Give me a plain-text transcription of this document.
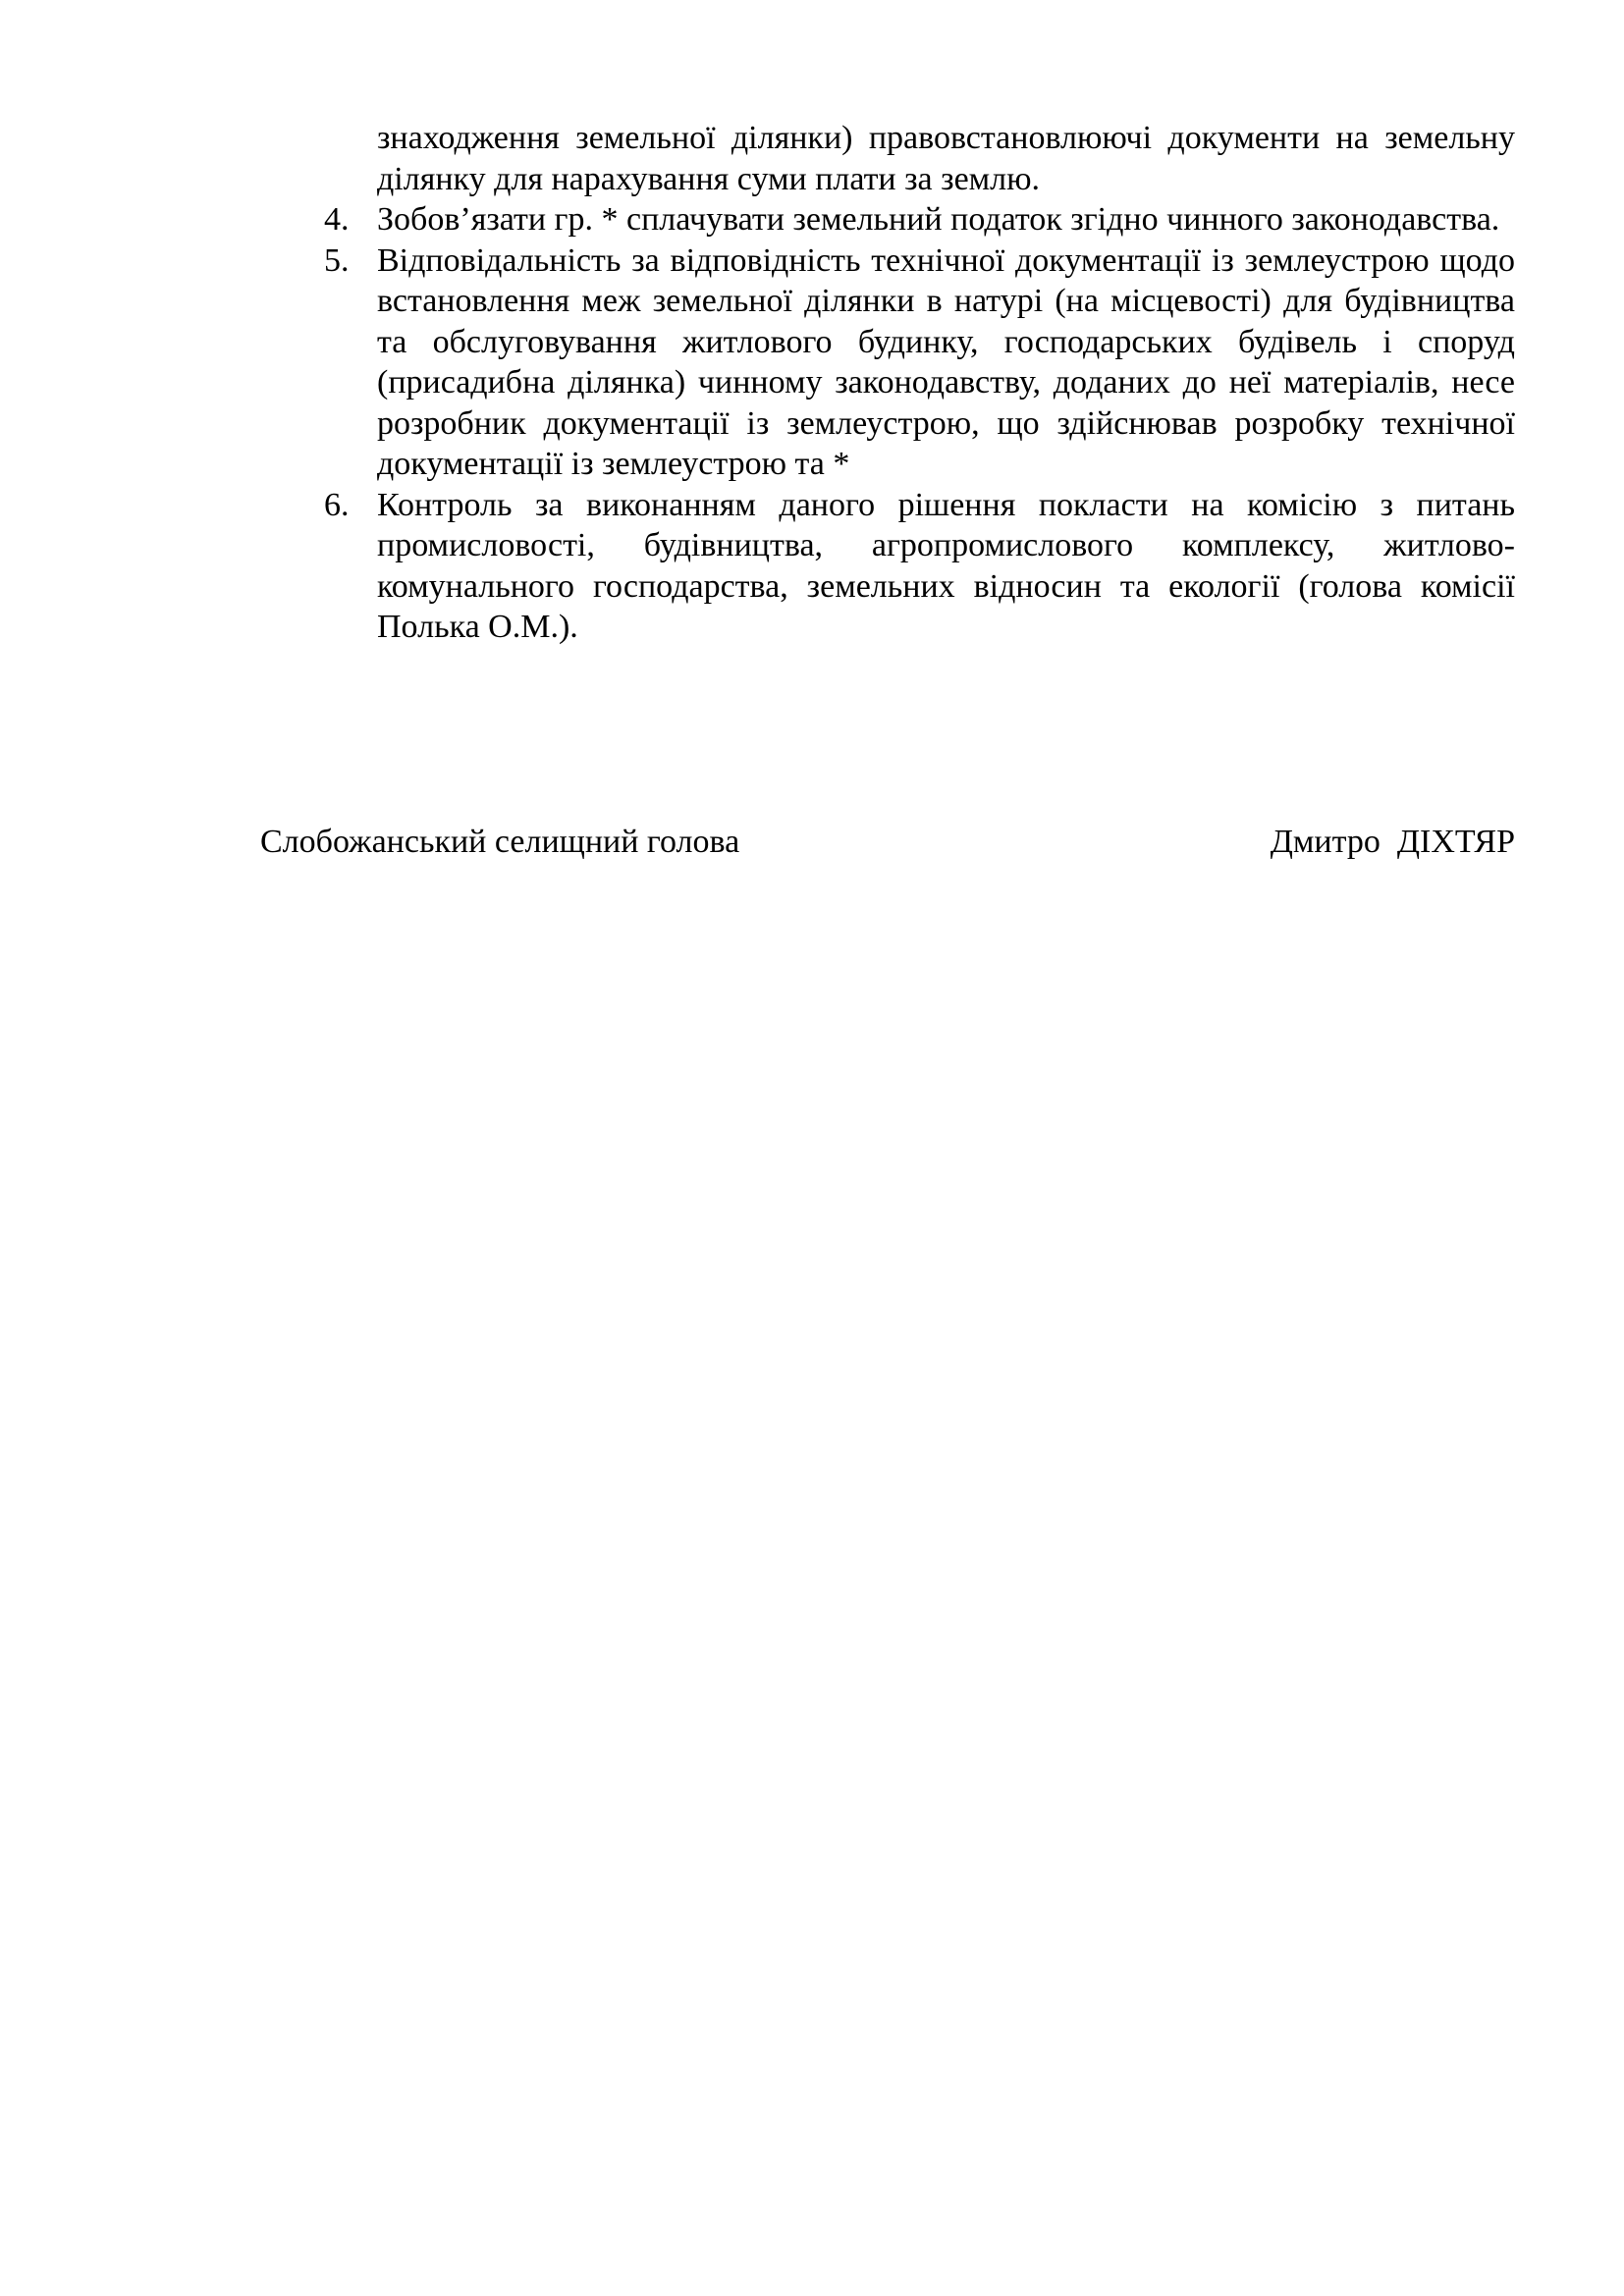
знаходження земельної ділянки) правовстановлюючі документи на земельну ділянку для нарахування суми плати за землю.
4. Зобов’язати гр. * сплачувати земельний податок згідно чинного законодавства.
5. Відповідальність за відповідність технічної документації із землеустрою щодо встановлення меж земельної ділянки в натурі (на місцевості) для будівництва та обслуговування житлового будинку, господарських будівель і споруд (присадибна ділянка) чинному законодавству, доданих до неї матеріалів, несе розробник документації із землеустрою, що здійснював розробку технічної документації із землеустрою та *
6. Контроль за виконанням даного рішення покласти на комісію з питань промисловості, будівництва, агропромислового комплексу, житлово-комунального господарства, земельних відносин та екології (голова комісії Полька О.М.).
Слобожанський селищний голова	Дмитро  ДІХТЯР
